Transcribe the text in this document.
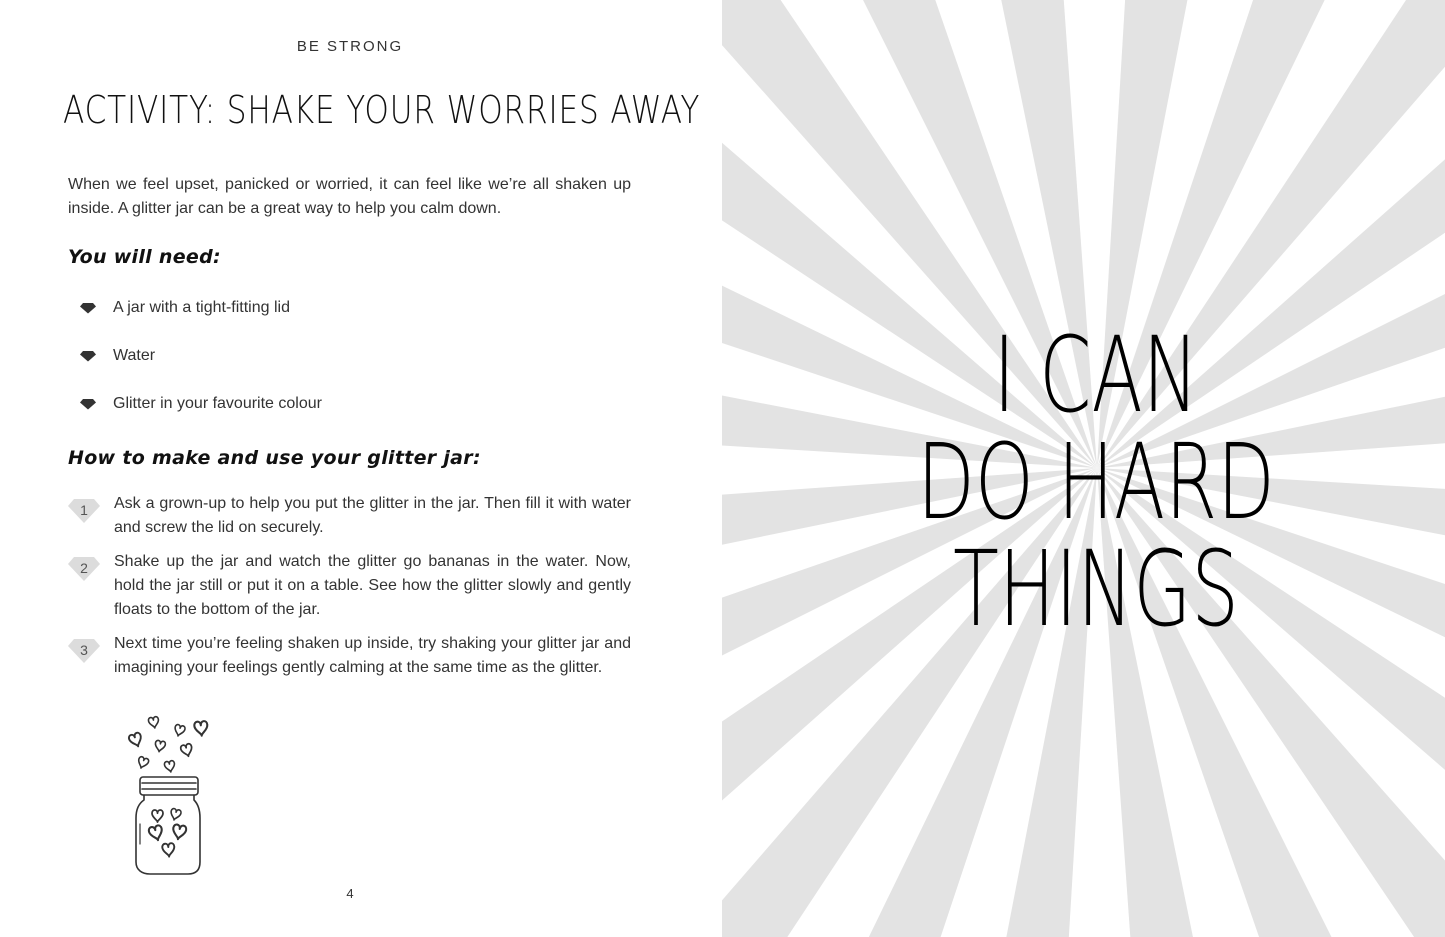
BE STRONG
ACTIVITY: SHAKE YOUR WORRIES AWAY
When we feel upset, panicked or worried, it can feel like we’re all shaken up inside. A glitter jar can be a great way to help you calm down.
You will need:
A jar with a tight-fitting lid
Water
Glitter in your favourite colour
How to make and use your glitter jar:
1	Ask a grown-up to help you put the glitter in the jar. Then fill it with water and screw the lid on securely.
2	Shake up the jar and watch the glitter go bananas in the water. Now, hold the jar still or put it on a table. See how the glitter slowly and gently floats to the bottom of the jar.
3	Next time you’re feeling shaken up inside, try shaking your glitter jar and imagining your feelings gently calming at the same time as the glitter.
4
I CAN
DO HARD
THINGS
